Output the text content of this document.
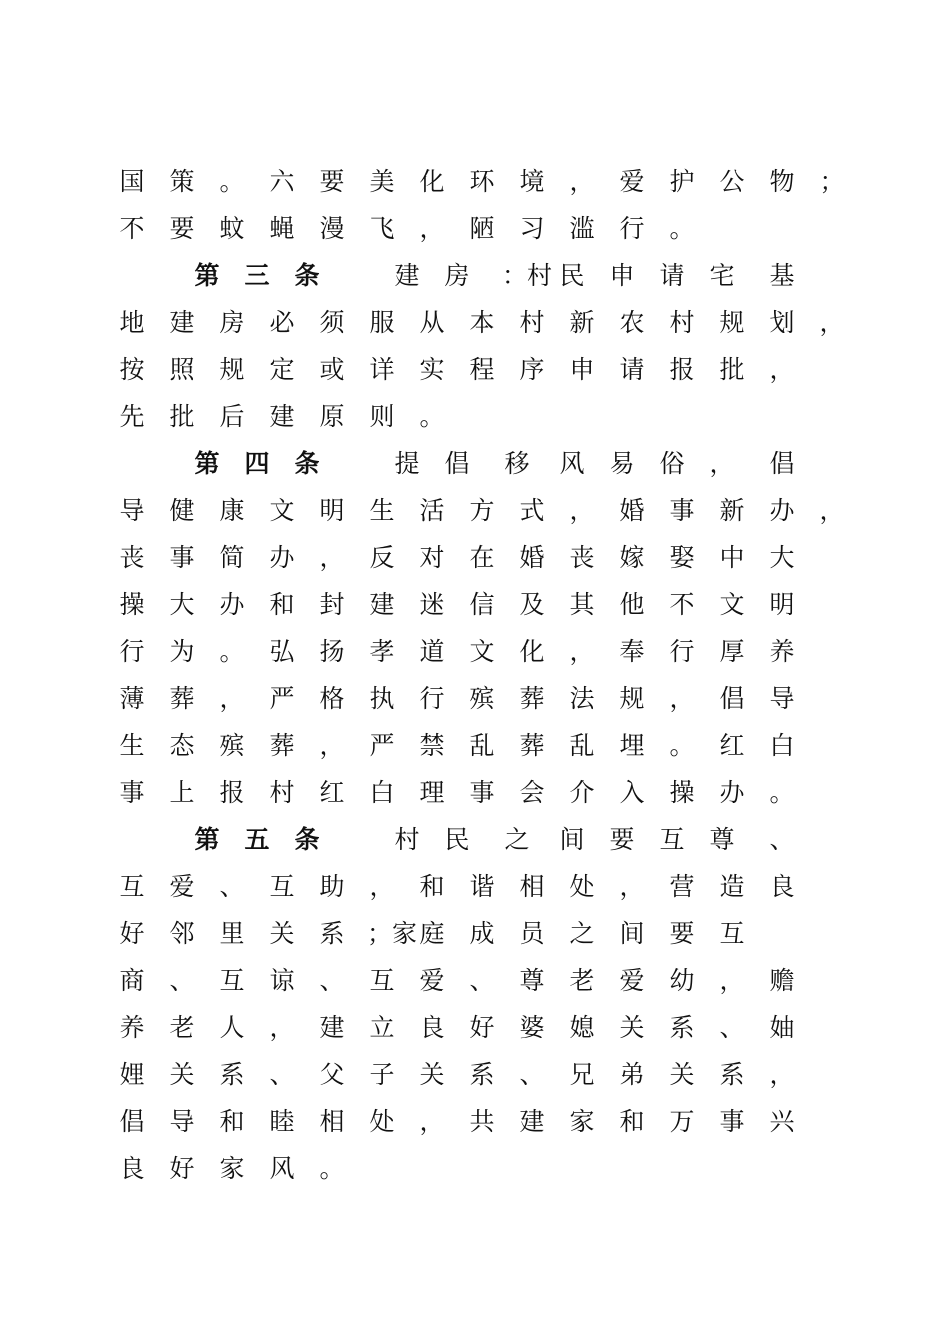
国 策 。 六 要 美 化 环 境 ， 爱 护 公 物 ；
不 要 蚊 蝇 漫 飞 ， 陋 习 滥 行 。
第 三 条	建 房 ：村 民 申 请 宅 基
地 建 房 必 须 服 从 本 村 新 农 村 规 划 ，
按 照 规 定 或 详 实 程 序 申 请 报 批 ，
先 批 后 建 原 则 。
第 四 条	提 倡 移 风 易 俗 ， 倡
导 健 康 文 明 生 活 方 式 ， 婚 事 新 办 ，
丧 事 简 办 ， 反 对 在 婚 丧 嫁 娶 中 大
操 大 办 和 封 建 迷 信 及 其 他 不 文 明
行 为 。 弘 扬 孝 道 文 化 ， 奉 行 厚 养
薄 葬 ， 严 格 执 行 殡 葬 法 规 ， 倡 导
生 态 殡 葬 ， 严 禁 乱 葬 乱 埋 。 红 白
事 上 报 村 红 白 理 事 会 介 入 操 办 。
第 五 条	村 民 之 间 要 互 尊 、
互 爱 、 互 助 ， 和 谐 相 处 ， 营 造 良
好 邻 里 关 系 ；家 庭 成 员 之 间 要 互
商 、 互 谅 、 互 爱 、 尊 老 爱 幼 ， 赡
养 老 人 ， 建 立 良 好 婆 媳 关 系 、 妯
娌 关 系 、 父 子 关 系 、 兄 弟 关 系 ，
倡 导 和 睦 相 处 ， 共 建 家 和 万 事 兴
良 好 家 风 。
